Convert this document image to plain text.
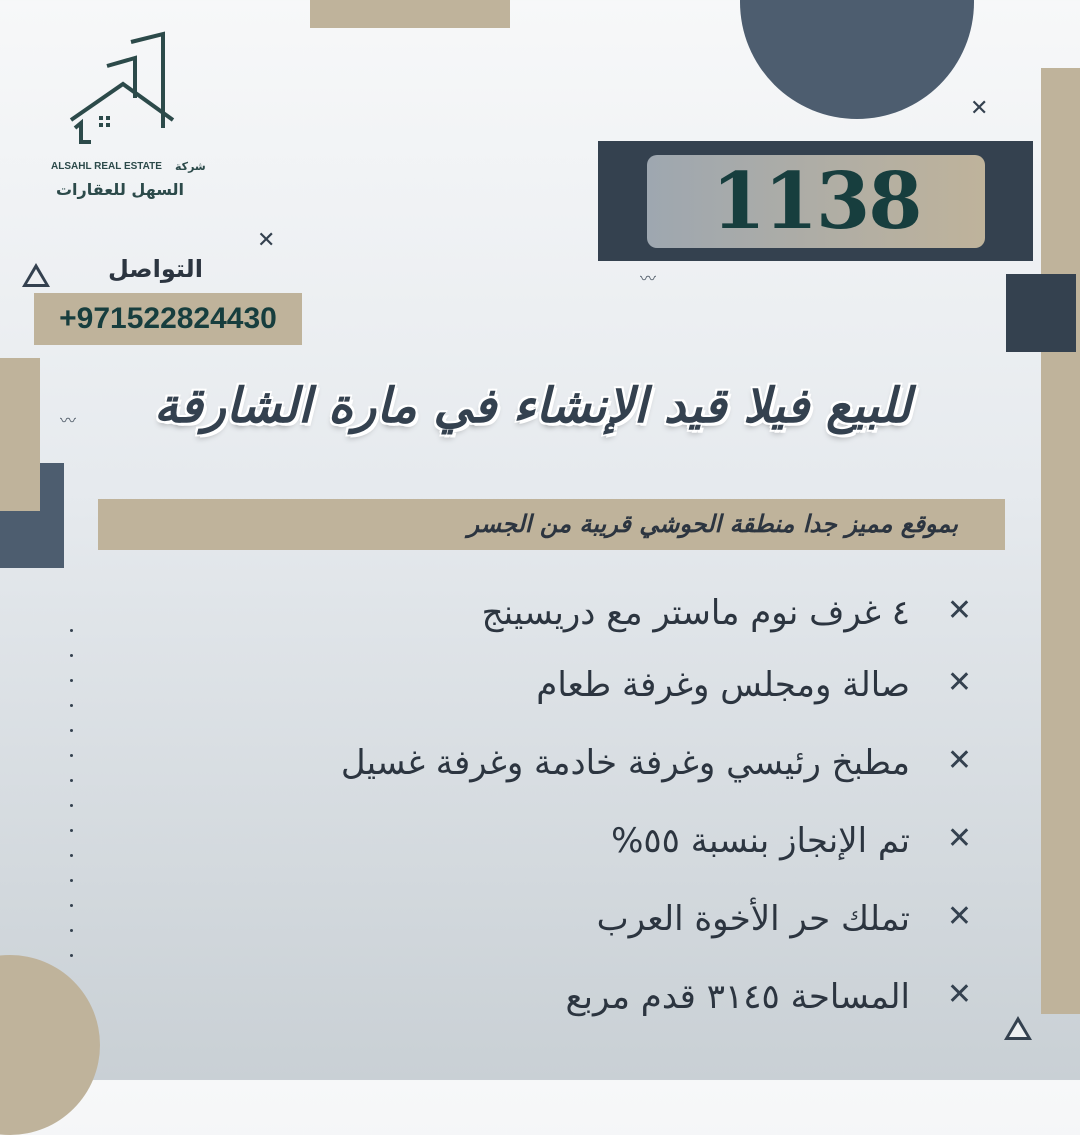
✕
✕
〰
〰

ALSAHL REAL ESTATE شركة
السهل للعقارات	1138
التواصل
+971522824430
للبيع فيلا قيد الإنشاء في مارة الشارقة
بموقع مميز جدا منطقة الحوشي قريبة من الجسر
✕
٤ غرف نوم ماستر مع دريسينج
✕
صالة ومجلس وغرفة طعام
✕
مطبخ رئيسي وغرفة خادمة وغرفة غسيل
✕
تم الإنجاز بنسبة ٥٥%
✕
تملك حر الأخوة العرب
✕
المساحة ٣١٤٥ قدم مربع
